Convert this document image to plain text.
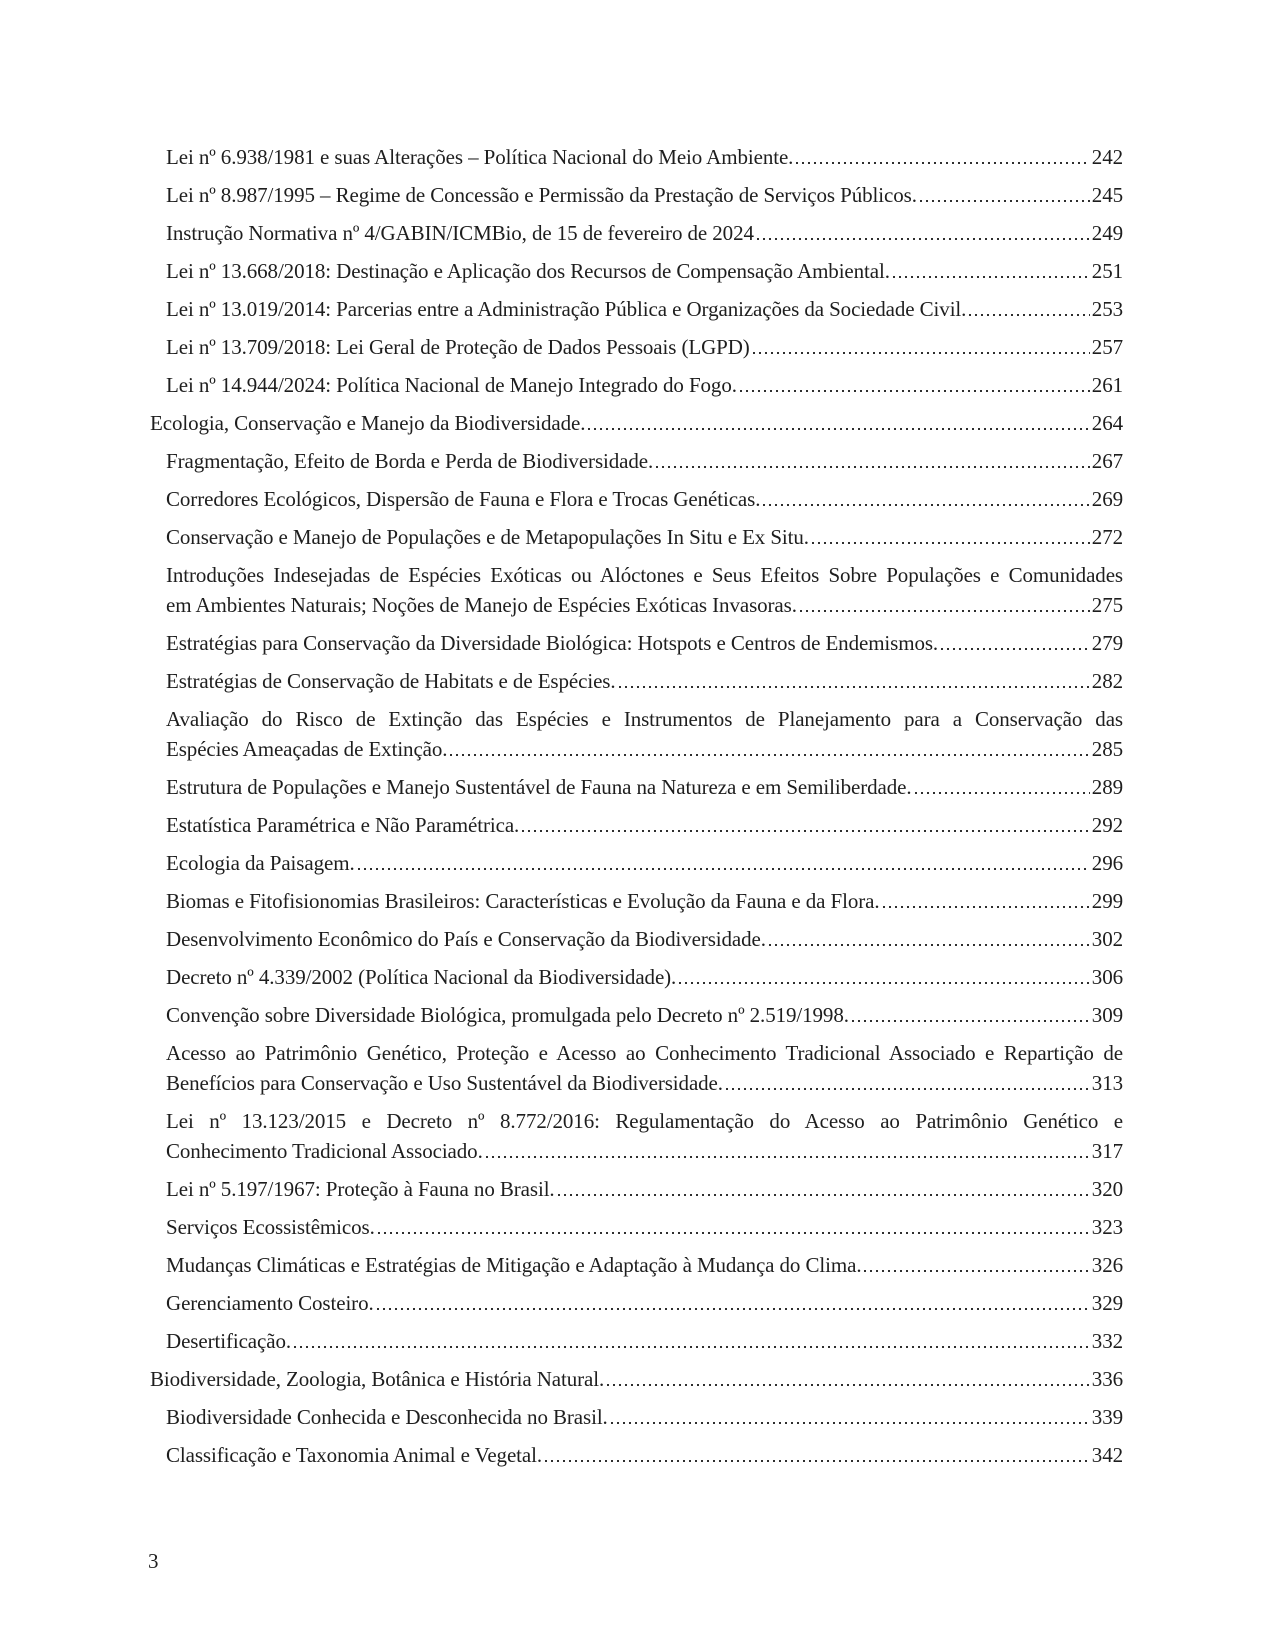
Lei nº 6.938/1981 e suas Alterações – Política Nacional do Meio Ambiente.	242
Lei nº 8.987/1995 – Regime de Concessão e Permissão da Prestação de Serviços Públicos.	245
Instrução Normativa nº 4/GABIN/ICMBio, de 15 de fevereiro de 2024	249
Lei nº 13.668/2018: Destinação e Aplicação dos Recursos de Compensação Ambiental.	251
Lei nº 13.019/2014: Parcerias entre a Administração Pública e Organizações da Sociedade Civil.	253
Lei nº 13.709/2018: Lei Geral de Proteção de Dados Pessoais (LGPD)	257
Lei nº 14.944/2024: Política Nacional de Manejo Integrado do Fogo.	261
Ecologia, Conservação e Manejo da Biodiversidade.	264
Fragmentação, Efeito de Borda e Perda de Biodiversidade.	267
Corredores Ecológicos, Dispersão de Fauna e Flora e Trocas Genéticas.	269
Conservação e Manejo de Populações e de Metapopulações In Situ e Ex Situ.	272
Introduções Indesejadas de Espécies Exóticas ou Alóctones e Seus Efeitos Sobre Populações e Comunidades
em Ambientes Naturais; Noções de Manejo de Espécies Exóticas Invasoras.	275
Estratégias para Conservação da Diversidade Biológica: Hotspots e Centros de Endemismos.	279
Estratégias de Conservação de Habitats e de Espécies.	282
Avaliação do Risco de Extinção das Espécies e Instrumentos de Planejamento para a Conservação das
Espécies Ameaçadas de Extinção.	285
Estrutura de Populações e Manejo Sustentável de Fauna na Natureza e em Semiliberdade.	289
Estatística Paramétrica e Não Paramétrica.	292
Ecologia da Paisagem.	296
Biomas e Fitofisionomias Brasileiros: Características e Evolução da Fauna e da Flora.	299
Desenvolvimento Econômico do País e Conservação da Biodiversidade.	302
Decreto nº 4.339/2002 (Política Nacional da Biodiversidade).	306
Convenção sobre Diversidade Biológica, promulgada pelo Decreto nº 2.519/1998.	309
Acesso ao Patrimônio Genético, Proteção e Acesso ao Conhecimento Tradicional Associado e Repartição de
Benefícios para Conservação e Uso Sustentável da Biodiversidade.	313
Lei nº 13.123/2015 e Decreto nº 8.772/2016: Regulamentação do Acesso ao Patrimônio Genético e
Conhecimento Tradicional Associado.	317
Lei nº 5.197/1967: Proteção à Fauna no Brasil.	320
Serviços Ecossistêmicos.	323
Mudanças Climáticas e Estratégias de Mitigação e Adaptação à Mudança do Clima.	326
Gerenciamento Costeiro.	329
Desertificação.	332
Biodiversidade, Zoologia, Botânica e História Natural.	336
Biodiversidade Conhecida e Desconhecida no Brasil.	339
Classificação e Taxonomia Animal e Vegetal.	342
3
